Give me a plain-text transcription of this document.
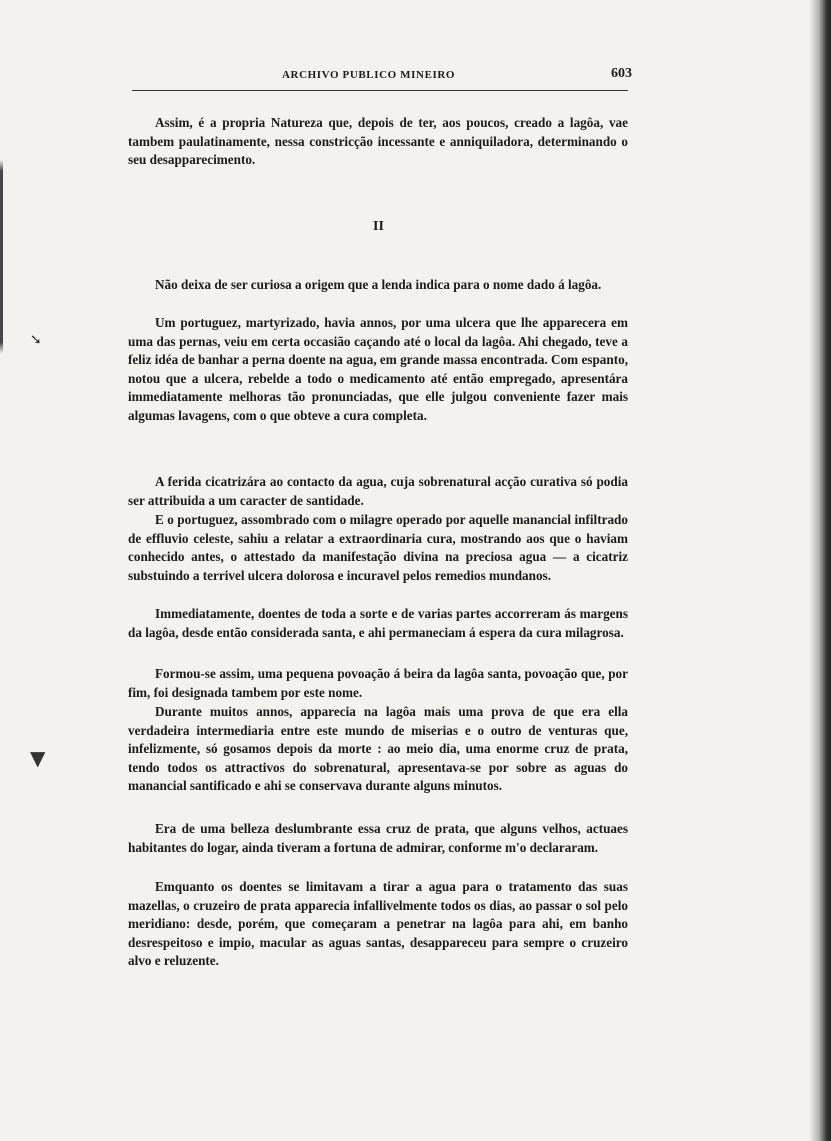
ARCHIVO PUBLICO MINEIRO	603

Assim, é a propria Natureza que, depois de ter, aos poucos, creado a lagôa, vae tambem paulatinamente, nessa constricção incessante e anniquiladora, determinando o seu desapparecimento.

II

Não deixa de ser curiosa a origem que a lenda indica para o nome dado á lagôa.

Um portuguez, martyrizado, havia annos, por uma ulcera que lhe apparecera em uma das pernas, veiu em certa occasião caçando até o local da lagôa. Ahi chegado, teve a feliz idéa de banhar a perna doente na agua, em grande massa encontrada. Com espanto, notou que a ulcera, rebelde a todo o medicamento até então empregado, apresentára immediatamente melhoras tão pronunciadas, que elle julgou conveniente fazer mais algumas lavagens, com o que obteve a cura completa.

A ferida cicatrizára ao contacto da agua, cuja sobrenatural acção curativa só podia ser attribuida a um caracter de santidade.

E o portuguez, assombrado com o milagre operado por aquelle manancial infiltrado de effluvio celeste, sahiu a relatar a extraordinaria cura, mostrando aos que o haviam conhecido antes, o attestado da manifestação divina na preciosa agua — a cicatriz substuindo a terrivel ulcera dolorosa e incuravel pelos remedios mundanos.

Immediatamente, doentes de toda a sorte e de varias partes accorreram ás margens da lagôa, desde então considerada santa, e ahi permaneciam á espera da cura milagrosa.

Formou-se assim, uma pequena povoação á beira da lagôa santa, povoação que, por fim, foi designada tambem por este nome.

Durante muitos annos, apparecia na lagôa mais uma prova de que era ella verdadeira intermediaria entre este mundo de miserias e o outro de venturas que, infelizmente, só gosamos depois da morte : ao meio dia, uma enorme cruz de prata, tendo todos os attractivos do sobrenatural, apresentava-se por sobre as aguas do manancial santificado e ahi se conservava durante alguns minutos.

Era de uma belleza deslumbrante essa cruz de prata, que alguns velhos, actuaes habitantes do logar, ainda tiveram a fortuna de admirar, conforme m'o declararam.

Emquanto os doentes se limitavam a tirar a agua para o tratamento das suas mazellas, o cruzeiro de prata apparecia infallivelmente todos os dias, ao passar o sol pelo meridiano: desde, porém, que começaram a penetrar na lagôa para ahi, em banho desrespeitoso e impio, macular as aguas santas, desappareceu para sempre o cruzeiro alvo e reluzente.

➘
▼
